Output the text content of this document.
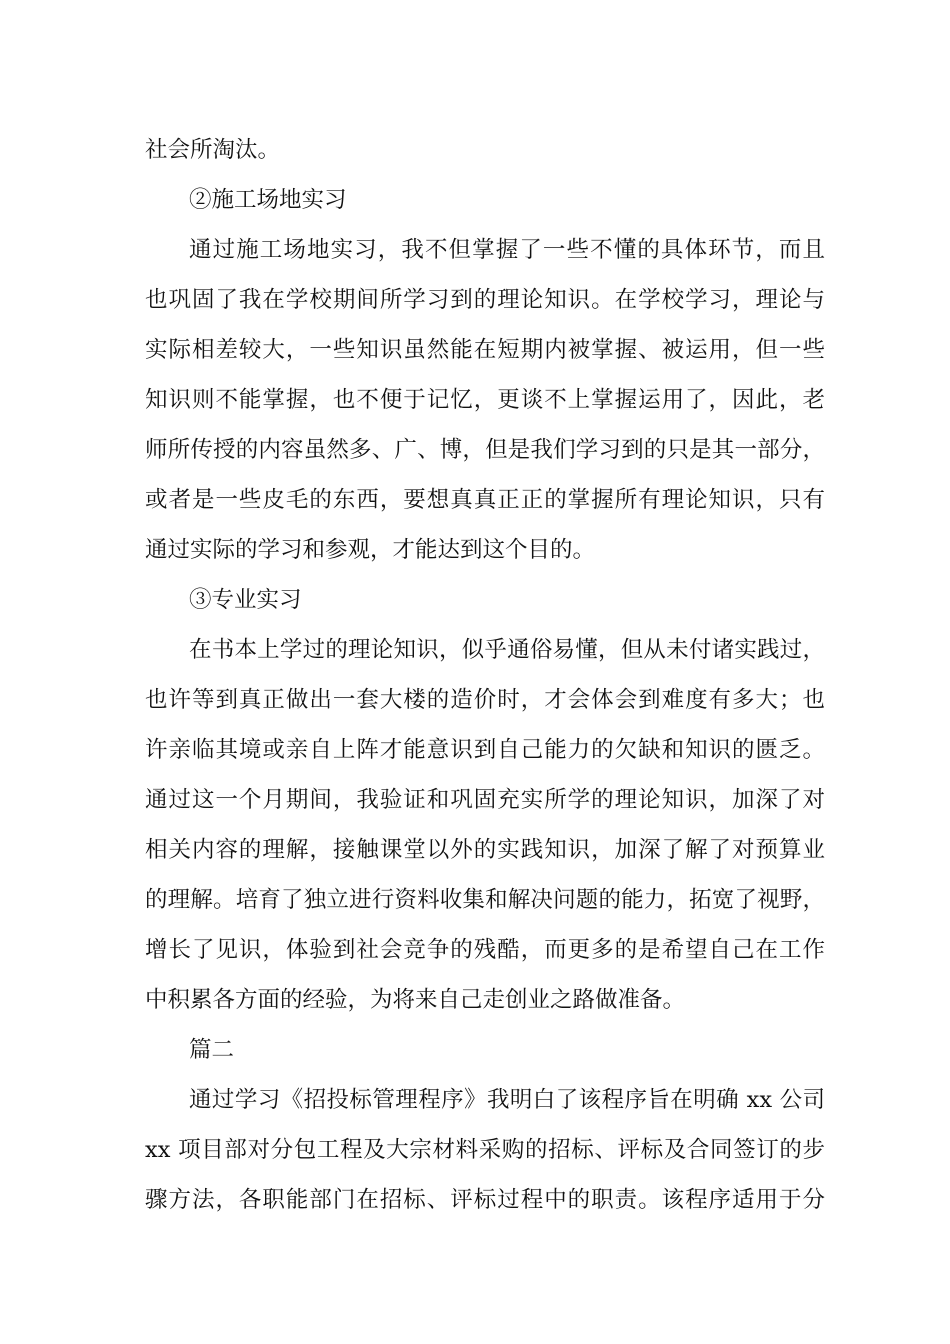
社会所淘汰。
②施工场地实习
通过施工场地实习，我不但掌握了一些不懂的具体环节，而且
也巩固了我在学校期间所学习到的理论知识。在学校学习，理论与
实际相差较大，一些知识虽然能在短期内被掌握、被运用，但一些
知识则不能掌握，也不便于记忆，更谈不上掌握运用了，因此，老
师所传授的内容虽然多、广、博，但是我们学习到的只是其一部分，
或者是一些皮毛的东西，要想真真正正的掌握所有理论知识，只有
通过实际的学习和参观，才能达到这个目的。
③专业实习
在书本上学过的理论知识，似乎通俗易懂，但从未付诸实践过，
也许等到真正做出一套大楼的造价时，才会体会到难度有多大；也
许亲临其境或亲自上阵才能意识到自己能力的欠缺和知识的匮乏。
通过这一个月期间，我验证和巩固充实所学的理论知识，加深了对
相关内容的理解，接触课堂以外的实践知识，加深了解了对预算业
的理解。培育了独立进行资料收集和解决问题的能力，拓宽了视野，
增长了见识，体验到社会竞争的残酷，而更多的是希望自己在工作
中积累各方面的经验，为将来自己走创业之路做准备。
篇二
通过学习《招投标管理程序》我明白了该程序旨在明确 xx 公司
xx 项目部对分包工程及大宗材料采购的招标、评标及合同签订的步
骤方法，各职能部门在招标、评标过程中的职责。该程序适用于分
